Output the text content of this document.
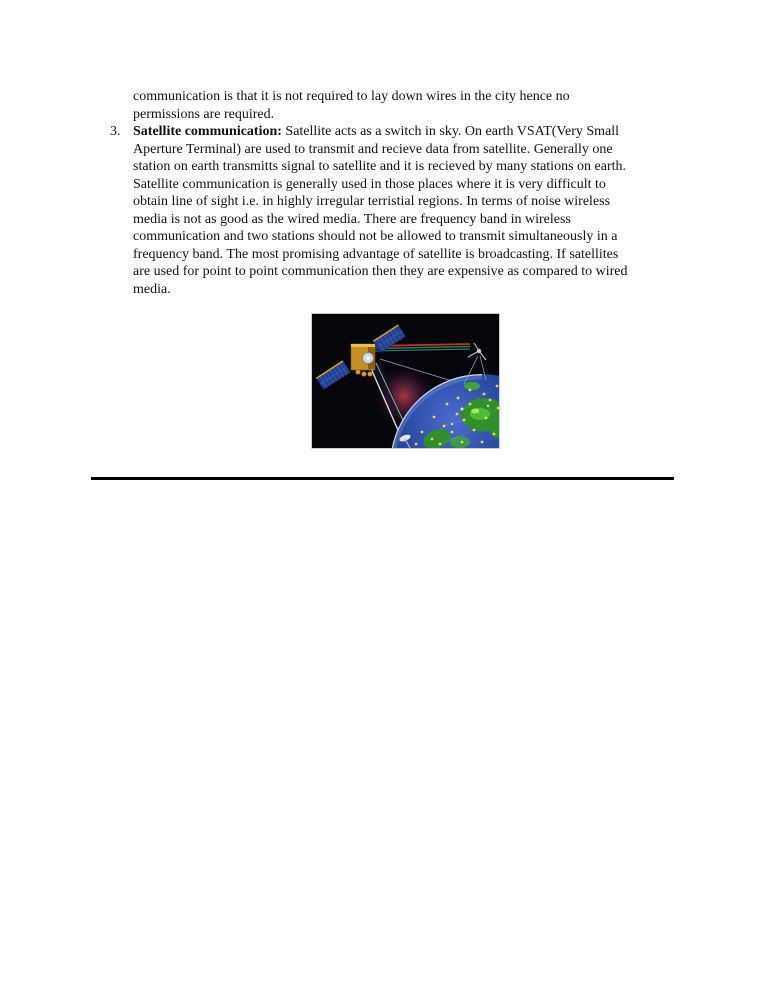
communication is that it is not required to lay down wires in the city hence no
permissions are required.
3. Satellite communication: Satellite acts as a switch in sky. On earth VSAT(Very Small
Aperture Terminal) are used to transmit and recieve data from satellite. Generally one
station on earth transmitts signal to satellite and it is recieved by many stations on earth.
Satellite communication is generally used in those places where it is very difficult to
obtain line of sight i.e. in highly irregular terristial regions. In terms of noise wireless
media is not as good as the wired media. There are frequency band in wireless
communication and two stations should not be allowed to transmit simultaneously in a
frequency band. The most promising advantage of satellite is broadcasting. If satellites
are used for point to point communication then they are expensive as compared to wired
media.
